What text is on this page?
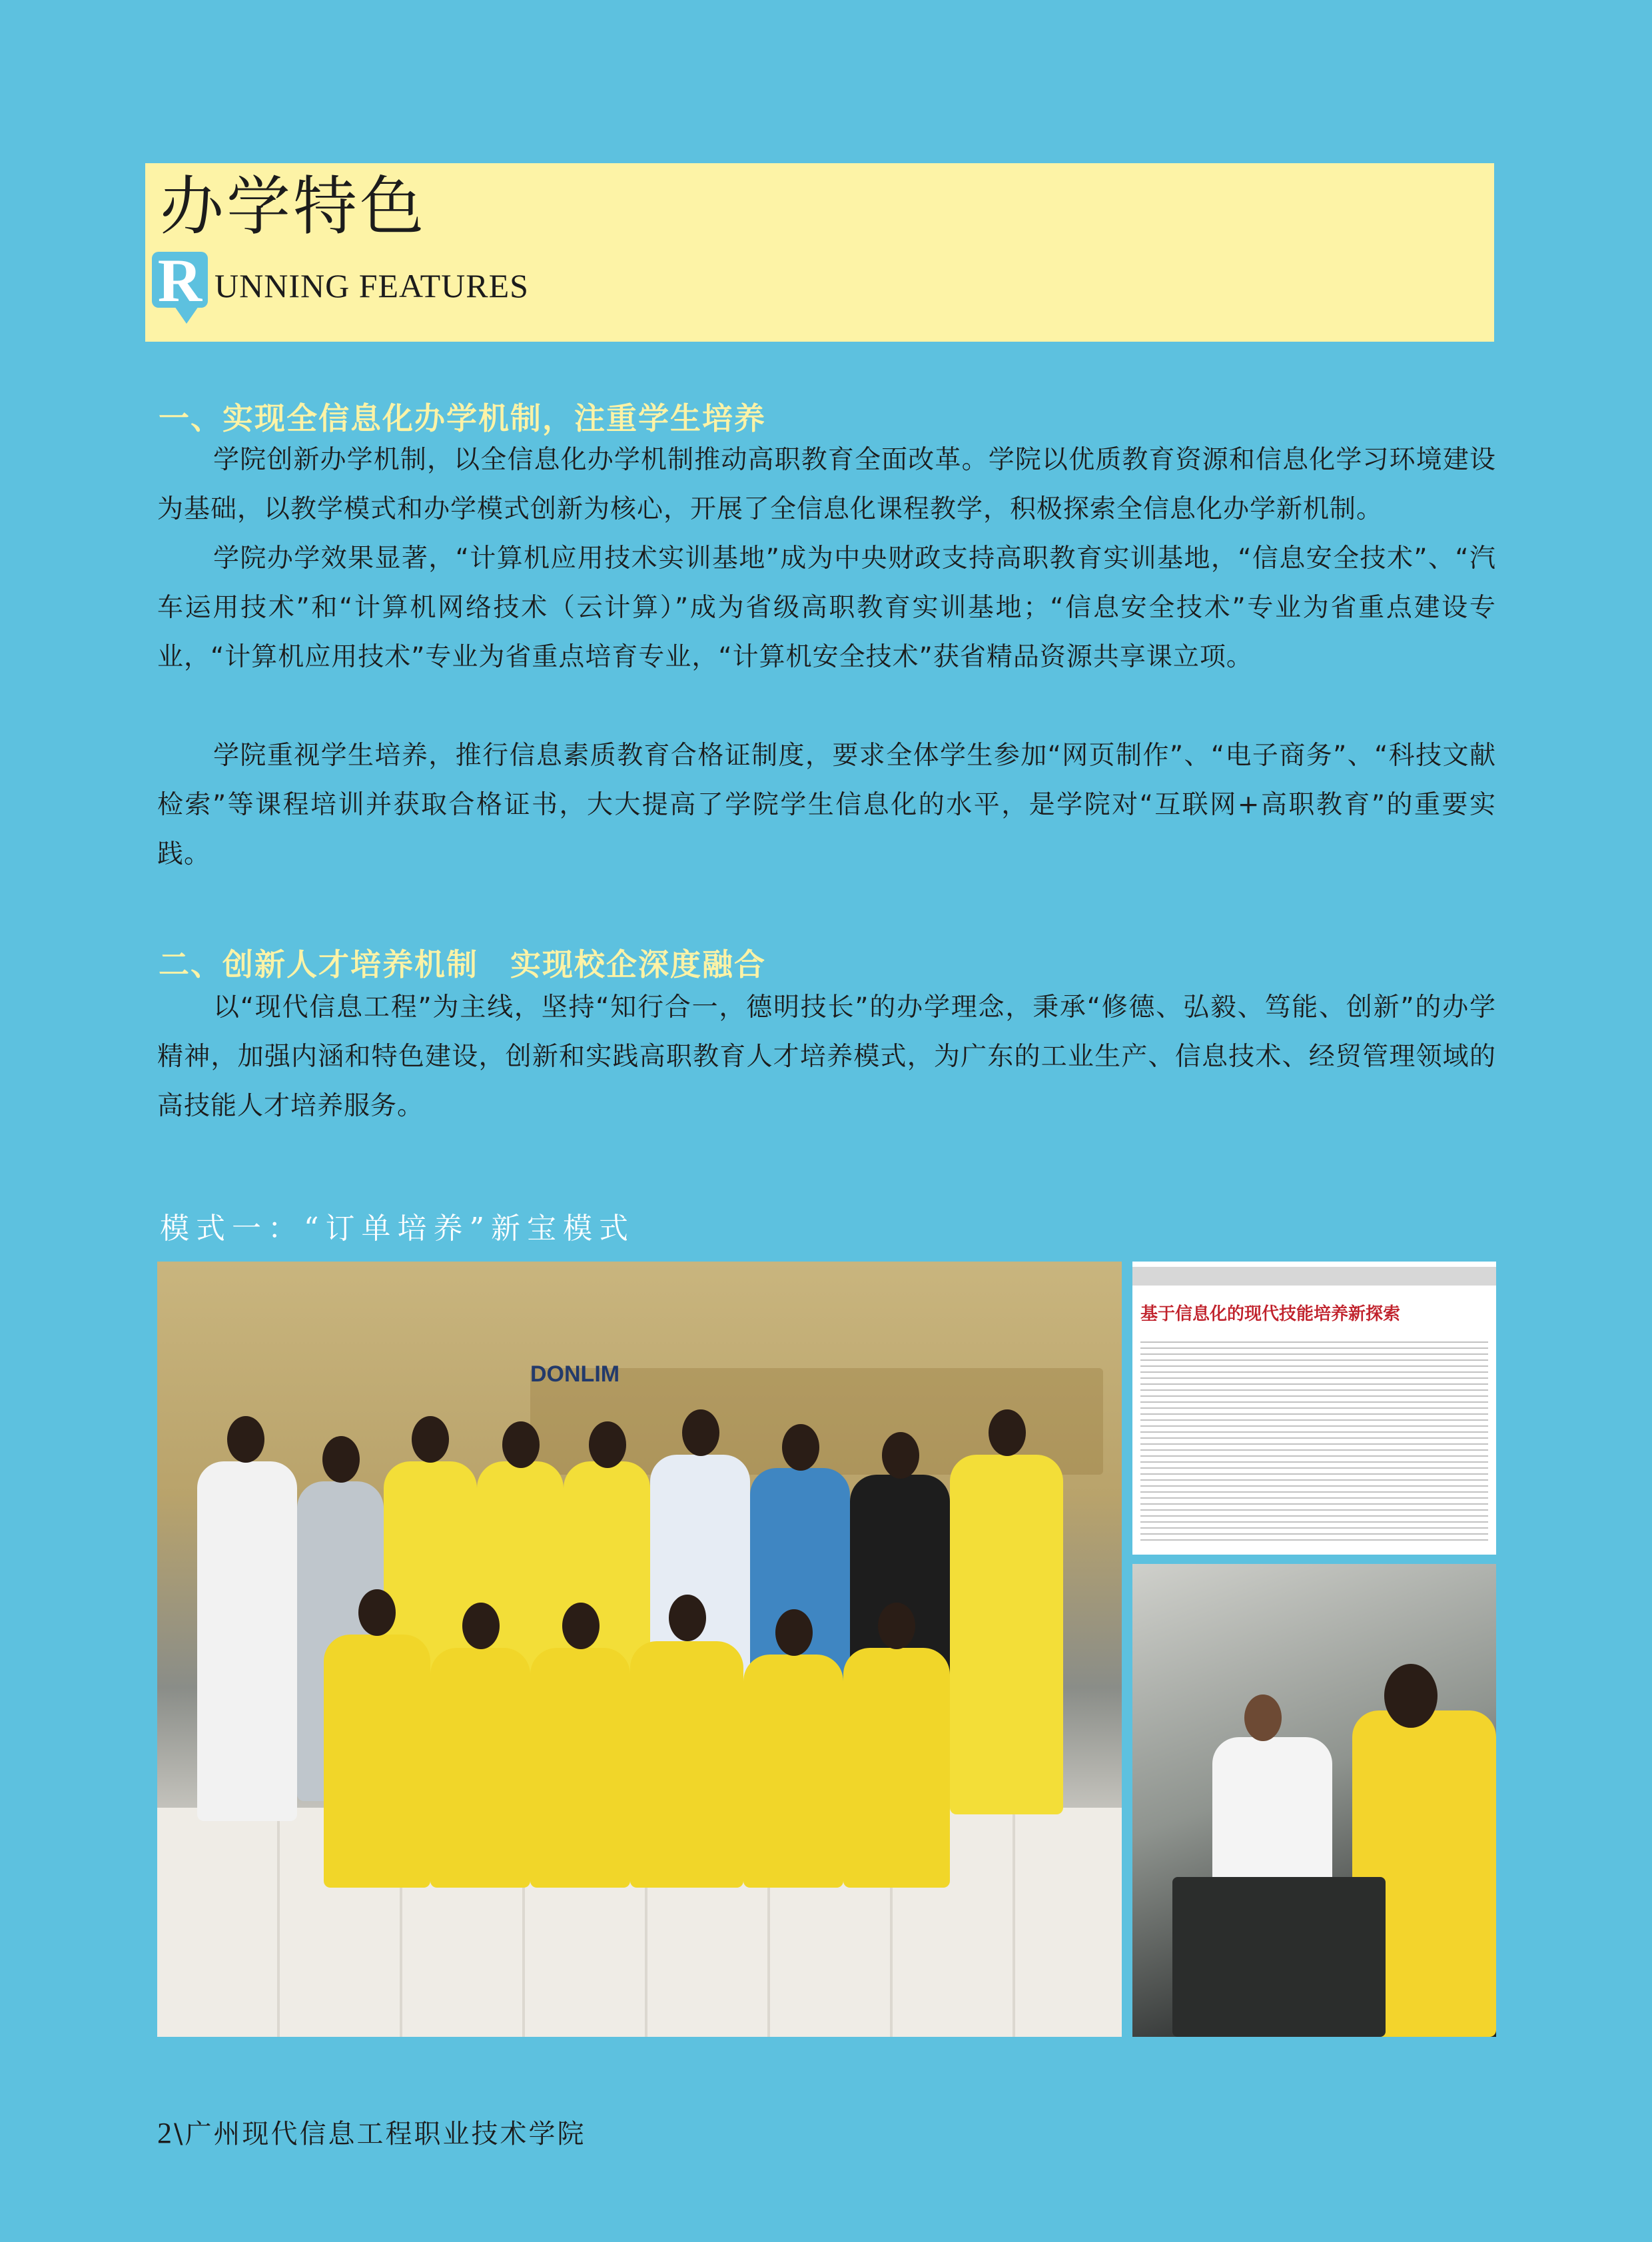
办学特色
R UNNING FEATURES
一、实现全信息化办学机制，注重学生培养
学院创新办学机制，以全信息化办学机制推动高职教育全面改革。学院以优质教育资源和信息化学习环境建设为基础，以教学模式和办学模式创新为核心，开展了全信息化课程教学，积极探索全信息化办学新机制。
学院办学效果显著，“计算机应用技术实训基地”成为中央财政支持高职教育实训基地，“信息安全技术”、“汽车运用技术”和“计算机网络技术（云计算）”成为省级高职教育实训基地；“信息安全技术”专业为省重点建设专业，“计算机应用技术”专业为省重点培育专业，“计算机安全技术”获省精品资源共享课立项。
学院重视学生培养，推行信息素质教育合格证制度，要求全体学生参加“网页制作”、“电子商务”、“科技文献检索”等课程培训并获取合格证书，大大提高了学院学生信息化的水平，是学院对“互联网+高职教育”的重要实践。
二、创新人才培养机制　实现校企深度融合
以“现代信息工程”为主线，坚持“知行合一，德明技长”的办学理念，秉承“修德、弘毅、笃能、创新”的办学精神，加强内涵和特色建设，创新和实践高职教育人才培养模式，为广东的工业生产、信息技术、经贸管理领域的高技能人才培养服务。
模式一：“订单培养”新宝模式
DONLIM
基于信息化的现代技能培养新探索
2\广州现代信息工程职业技术学院
